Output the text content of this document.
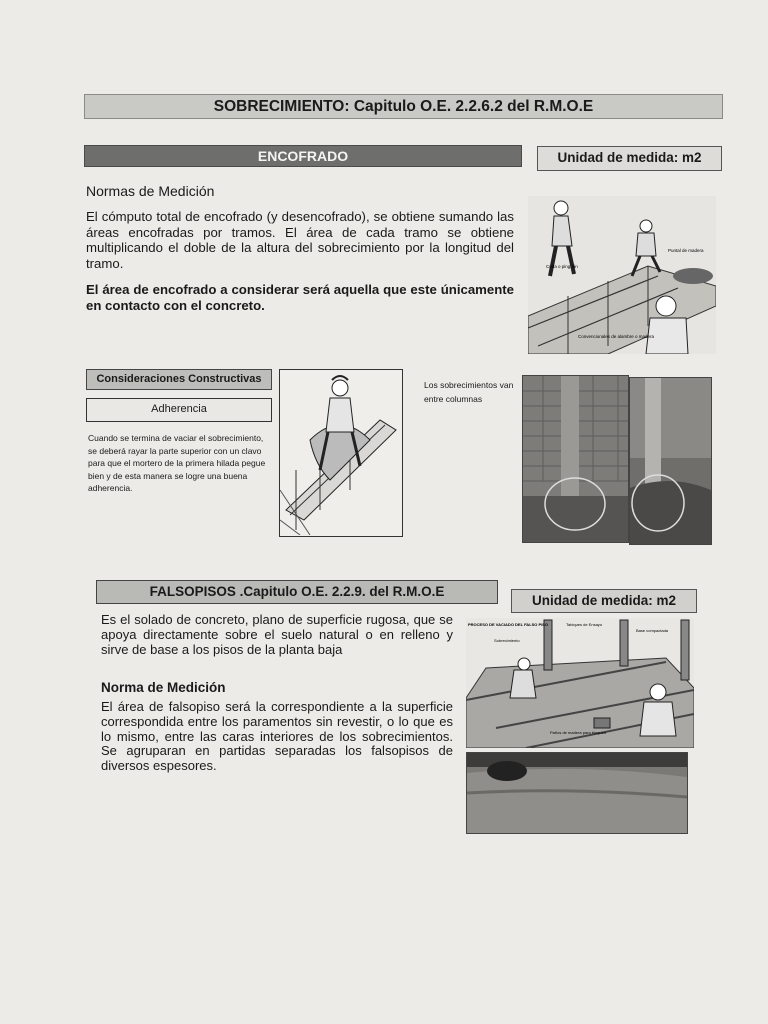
SOBRECIMIENTO: Capitulo O.E. 2.2.6.2 del R.M.O.E
ENCOFRADO	Unidad de medida: m2
Normas de Medición

El cómputo total de encofrado (y desencofrado), se obtiene sumando las áreas encofradas por tramos. El área de cada tramo se obtiene multiplicando el doble de la altura del sobrecimiento por la longitud del tramo.

El área de encofrado a considerar será aquella que este únicamente en contacto con el concreto.

Cuña o pinguón
Puntal de madera
Convencionales de alambre o madera
Consideraciones Constructivas
Adherencia

Cuando se termina de vaciar el sobrecimiento, se deberá rayar la parte superior con un clavo para que el mortero de la primera hilada pegue bien y de esta manera se logre una buena adherencia.

Los sobrecimientos van entre columnas
FALSOPISOS .Capitulo O.E. 2.2.9. del R.M.O.E
Unidad de medida: m2

Es el solado de concreto, plano de superficie rugosa, que se apoya directamente sobre el suelo natural o en relleno y sirve de base a los pisos de la planta baja

Norma de Medición

El área de falsopiso será la correspondiente a la superficie correspondida entre los paramentos sin revestir, o lo que es lo mismo, entre las caras interiores de los sobrecimientos. Se agruparan en partidas separadas los falsopisos de diversos espesores.

PROCESO DE VACIADO DEL FALSO PISO
Sobrecimiento
Tabiques de Ensayo
Base compactada
Paños de madera para bloqueo
